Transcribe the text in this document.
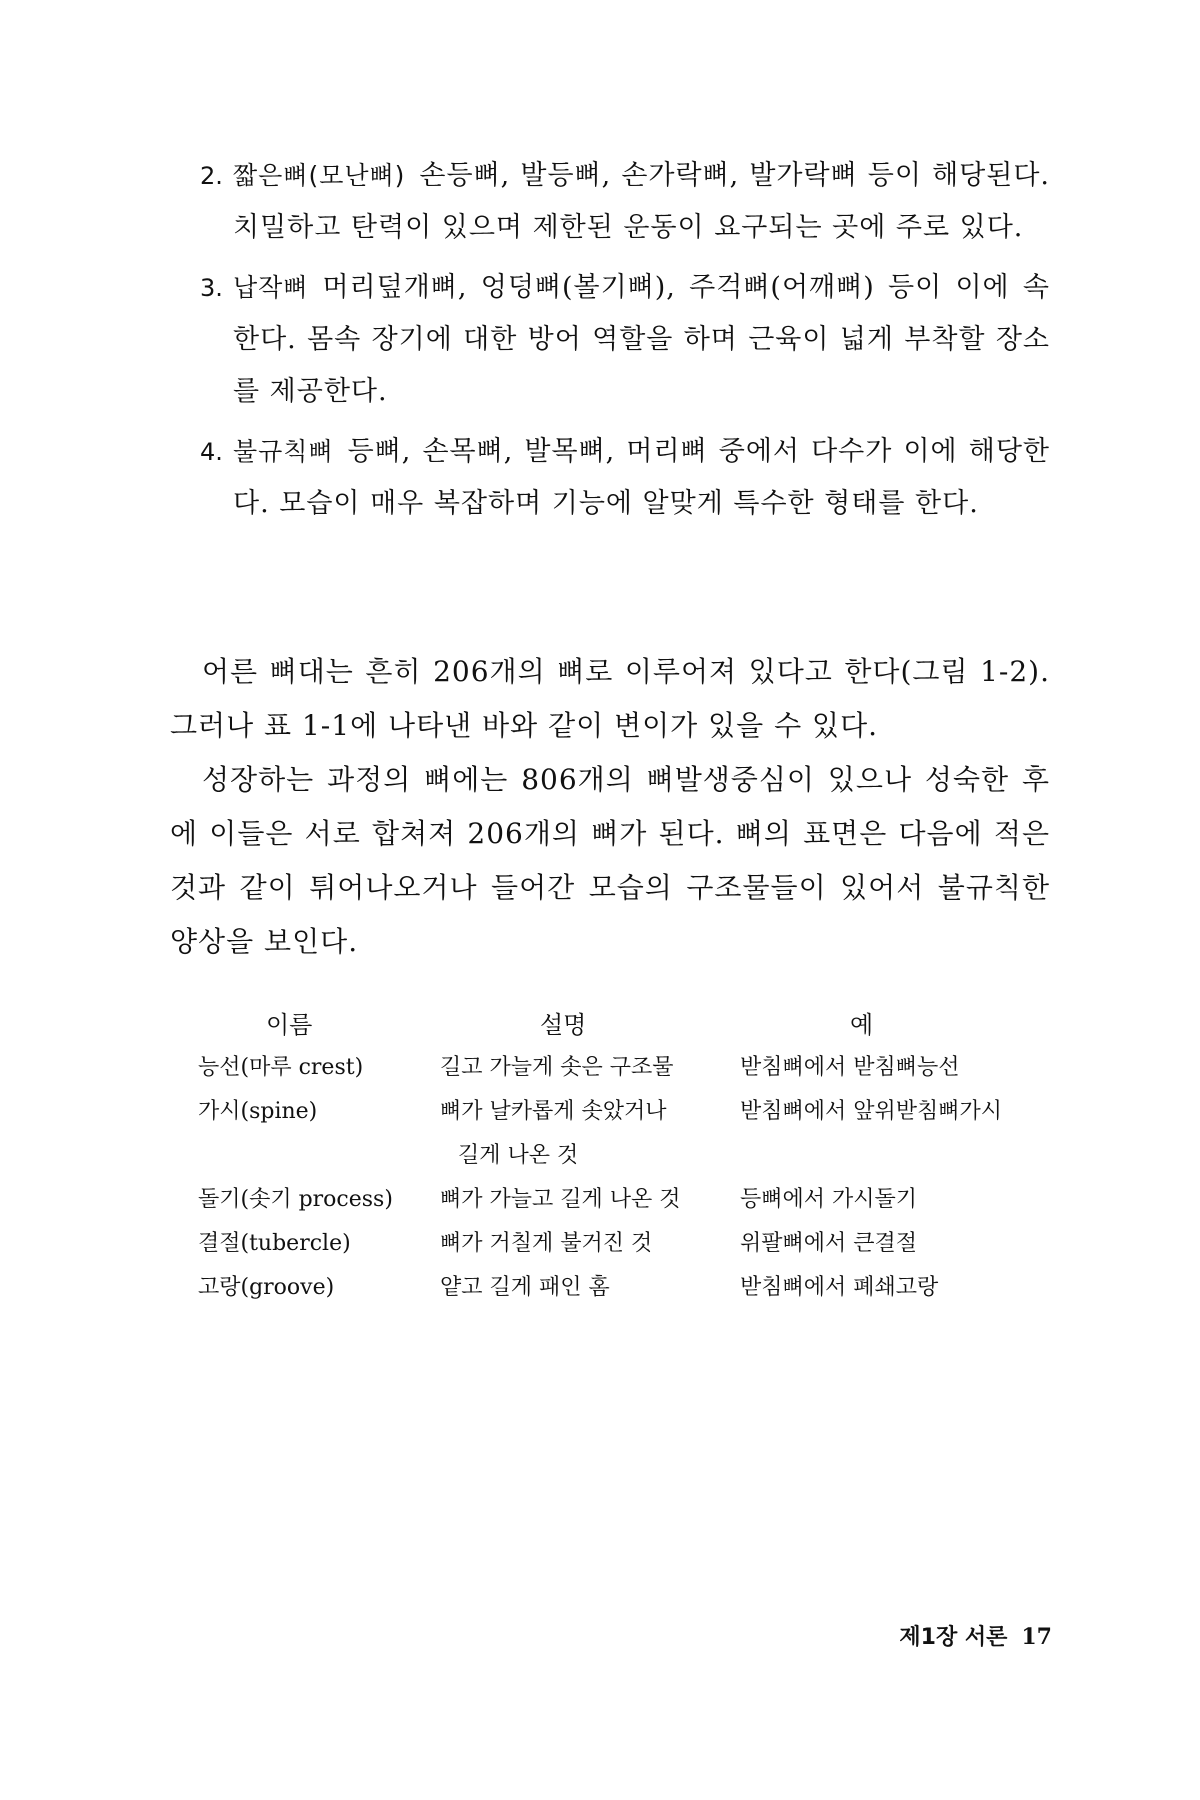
2. 짧은뼈(모난뼈) 손등뼈, 발등뼈, 손가락뼈, 발가락뼈 등이 해당된다. 치밀하고 탄력이 있으며 제한된 운동이 요구되는 곳에 주로 있다.
3. 납작뼈 머리덮개뼈, 엉덩뼈(볼기뼈), 주걱뼈(어깨뼈) 등이 이에 속한다. 몸속 장기에 대한 방어 역할을 하며 근육이 넓게 부착할 장소를 제공한다.
4. 불규칙뼈 등뼈, 손목뼈, 발목뼈, 머리뼈 중에서 다수가 이에 해당한다. 모습이 매우 복잡하며 기능에 알맞게 특수한 형태를 한다.

어른 뼈대는 흔히 206개의 뼈로 이루어져 있다고 한다(그림 1-2). 그러나 표 1-1에 나타낸 바와 같이 변이가 있을 수 있다.

성장하는 과정의 뼈에는 806개의 뼈발생중심이 있으나 성숙한 후에 이들은 서로 합쳐져 206개의 뼈가 된다. 뼈의 표면은 다음에 적은 것과 같이 튀어나오거나 들어간 모습의 구조물들이 있어서 불규칙한 양상을 보인다.

이름	설명	예
능선(마루 crest)	길고 가늘게 솟은 구조물	받침뼈에서 받침뼈능선
가시(spine)	뼈가 날카롭게 솟았거나	받침뼈에서 앞위받침뼈가시
길게 나온 것
돌기(솟기 process)	뼈가 가늘고 길게 나온 것	등뼈에서 가시돌기
결절(tubercle)	뼈가 거칠게 불거진 것	위팔뼈에서 큰결절
고랑(groove)	얕고 길게 패인 홈	받침뼈에서 폐쇄고랑
제1장 서론 17
